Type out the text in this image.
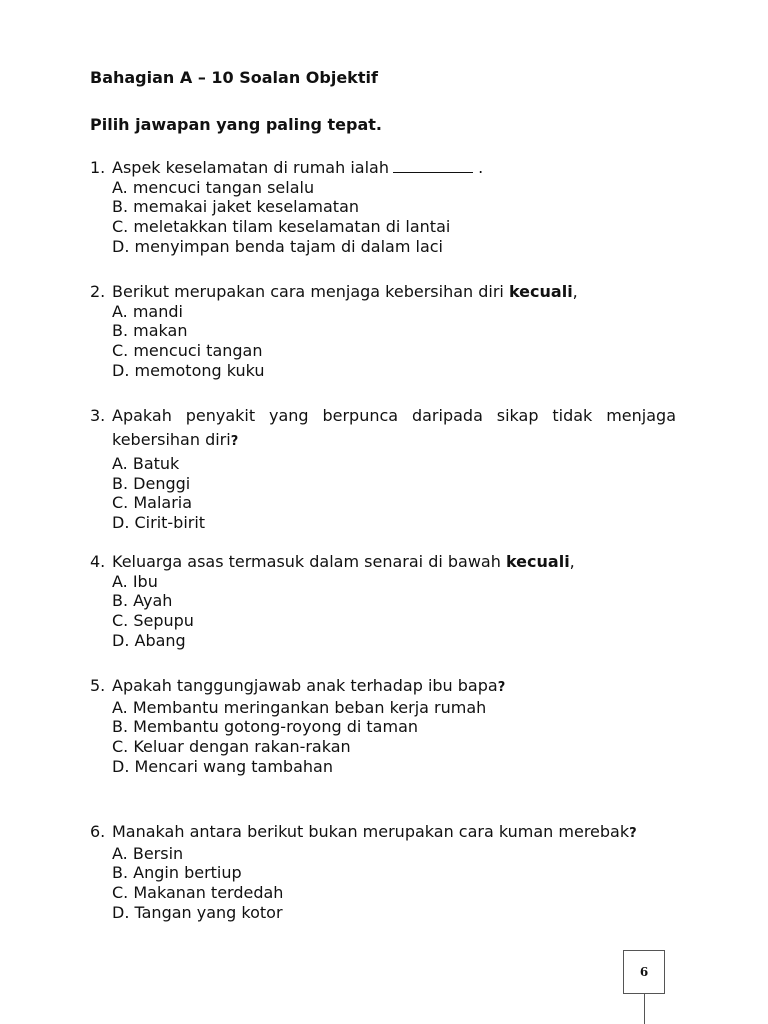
Bahagian A – 10 Soalan Objektif

Pilih jawapan yang paling tepat.

1. Aspek keselamatan di rumah ialah	.
A. mencuci tangan selalu
B. memakai jaket keselamatan
C. meletakkan tilam keselamatan di lantai
D. menyimpan benda tajam di dalam laci
2. Berikut merupakan cara menjaga kebersihan diri kecuali,
A. mandi
B. makan
C. mencuci tangan
D. memotong kuku
3. Apakah penyakit yang berpunca daripada sikap tidak menjaga kebersihan diri?
A. Batuk
B. Denggi
C. Malaria
D. Cirit-birit
4. Keluarga asas termasuk dalam senarai di bawah kecuali,
A. Ibu
B. Ayah
C. Sepupu
D. Abang
5. Apakah tanggungjawab anak terhadap ibu bapa?
A. Membantu meringankan beban kerja rumah
B. Membantu gotong-royong di taman
C. Keluar dengan rakan-rakan
D. Mencari wang tambahan
6. Manakah antara berikut bukan merupakan cara kuman merebak?
A. Bersin
B. Angin bertiup
C. Makanan terdedah
D. Tangan yang kotor
6
